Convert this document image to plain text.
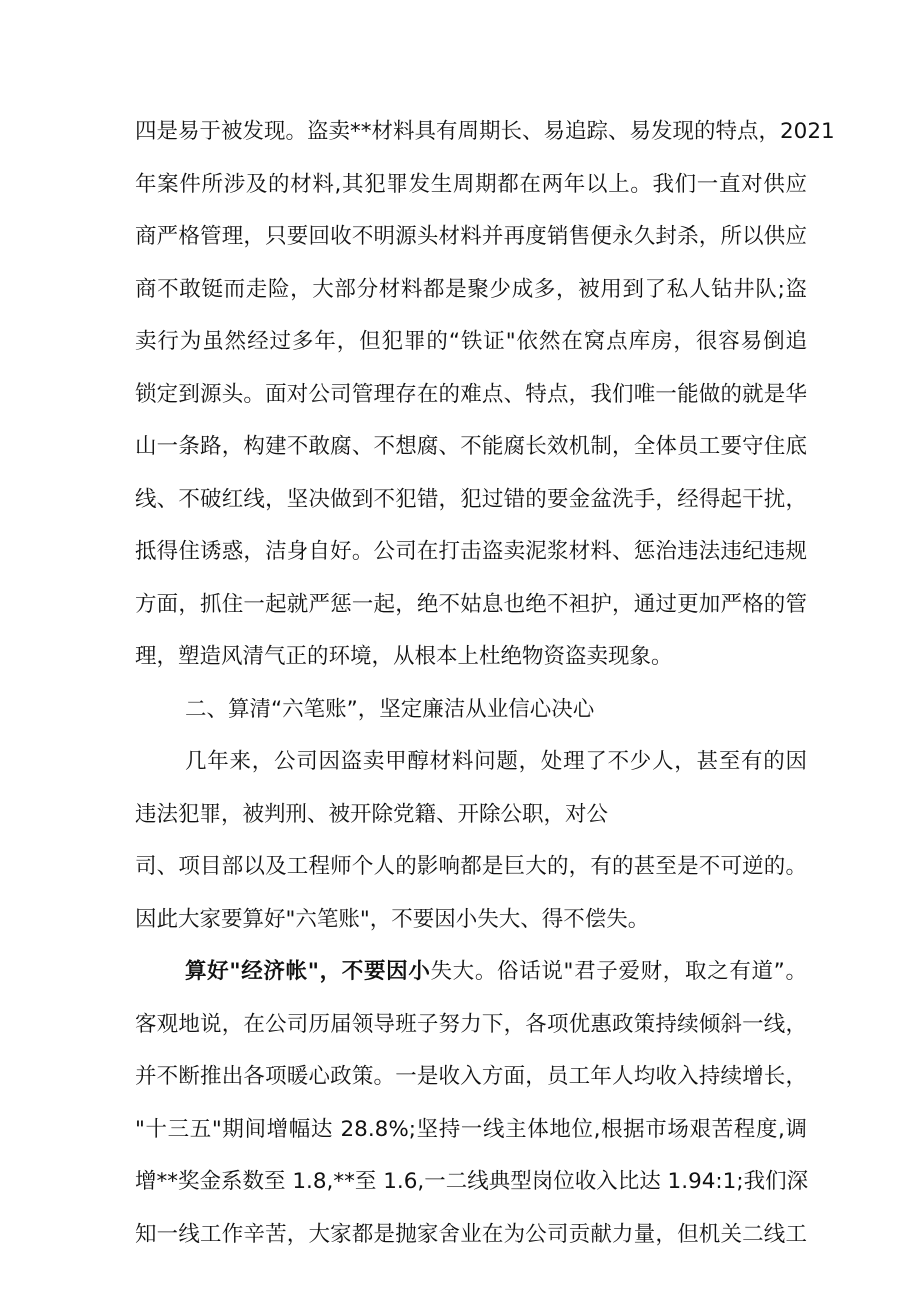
四是易于被发现。盗卖**材料具有周期长、易追踪、易发现的特点，2021
年案件所涉及的材料,其犯罪发生周期都在两年以上。我们一直对供应
商严格管理，只要回收不明源头材料并再度销售便永久封杀，所以供应
商不敢铤而走险，大部分材料都是聚少成多，被用到了私人钻井队;盗
卖行为虽然经过多年，但犯罪的“铁证"依然在窝点库房，很容易倒追
锁定到源头。面对公司管理存在的难点、特点，我们唯一能做的就是华
山一条路，构建不敢腐、不想腐、不能腐长效机制，全体员工要守住底
线、不破红线，坚决做到不犯错，犯过错的要金盆洗手，经得起干扰，
抵得住诱惑，洁身自好。公司在打击盗卖泥浆材料、惩治违法违纪违规
方面，抓住一起就严惩一起，绝不姑息也绝不袒护，通过更加严格的管
理，塑造风清气正的环境，从根本上杜绝物资盗卖现象。
二、算清“六笔账”，坚定廉洁从业信心决心
几年来，公司因盗卖甲醇材料问题，处理了不少人，甚至有的因
违法犯罪，被判刑、被开除党籍、开除公职，对公
司、项目部以及工程师个人的影响都是巨大的，有的甚至是不可逆的。
因此大家要算好"六笔账"，不要因小失大、得不偿失。
算好"经济帐"，不要因小失大。俗话说"君子爱财，取之有道”。
客观地说，在公司历届领导班子努力下，各项优惠政策持续倾斜一线，
并不断推出各项暖心政策。一是收入方面，员工年人均收入持续增长，
"十三五"期间增幅达 28.8%;坚持一线主体地位,根据市场艰苦程度,调
增**奖金系数至 1.8,**至 1.6,一二线典型岗位收入比达 1.94:1;我们深
知一线工作辛苦，大家都是抛家舍业在为公司贡献力量，但机关二线工
